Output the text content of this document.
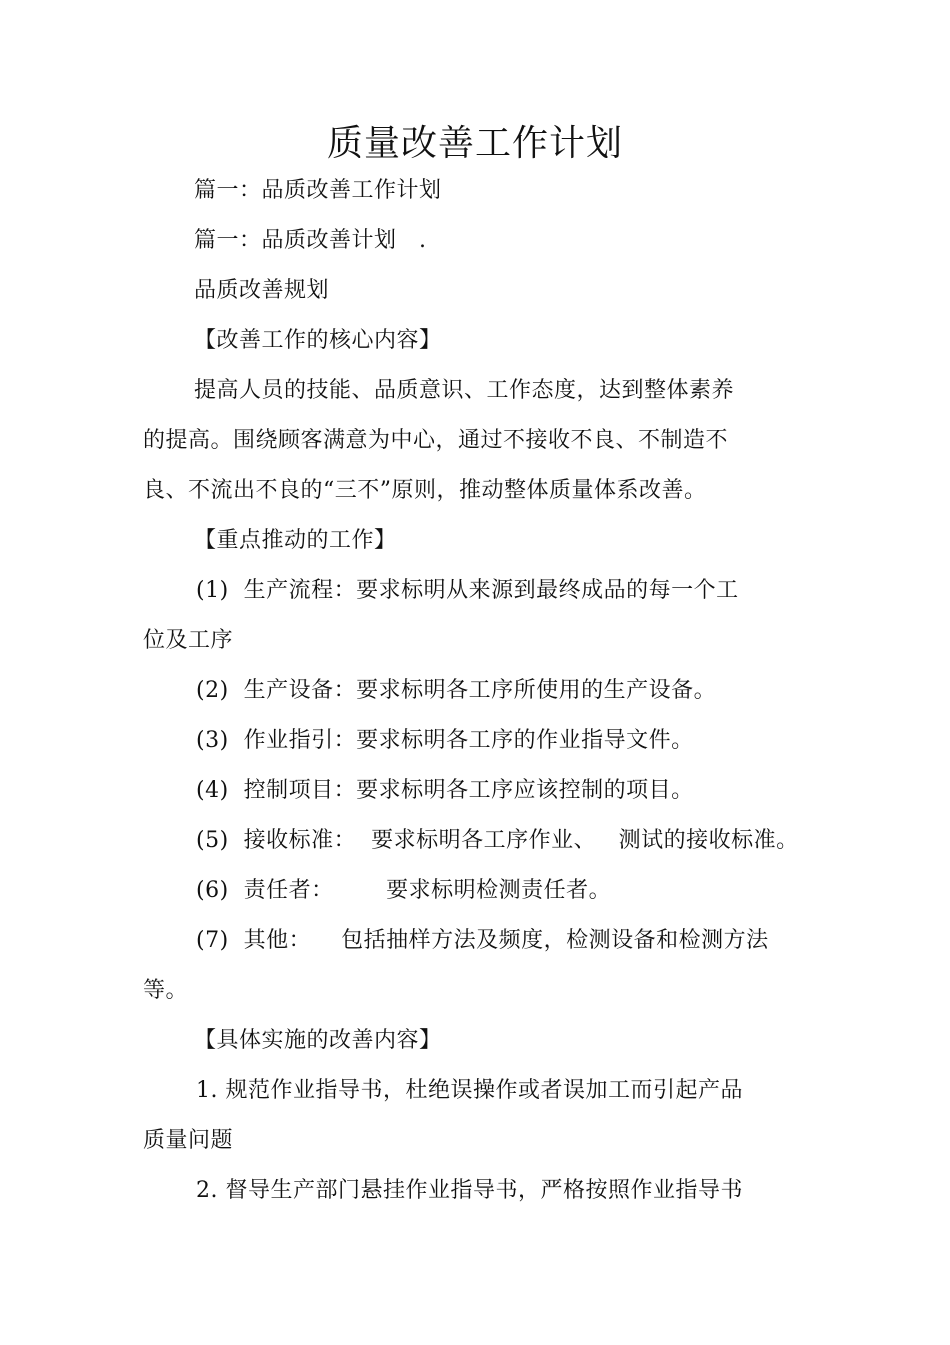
质量改善工作计划
篇一：品质改善工作计划
篇一：品质改善计划　.
品质改善规划
【改善工作的核心内容】
提高人员的技能、品质意识、工作态度，达到整体素养
的提高。围绕顾客满意为中心，通过不接收不良、不制造不
良、不流出不良的“三不”原则，推动整体质量体系改善。
【重点推动的工作】
(1)  生产流程：要求标明从来源到最终成品的每一个工
位及工序
(2)  生产设备：要求标明各工序所使用的生产设备。
(3)  作业指引：要求标明各工序的作业指导文件。
(4)  控制项目：要求标明各工序应该控制的项目。
(5)  接收标准：  要求标明各工序作业、   测试的接收标准。
(6)  责任者：       要求标明检测责任者。
(7)  其他：    包括抽样方法及频度，检测设备和检测方法
等。
【具体实施的改善内容】
1. 规范作业指导书，杜绝误操作或者误加工而引起产品
质量问题
2. 督导生产部门悬挂作业指导书，严格按照作业指导书
